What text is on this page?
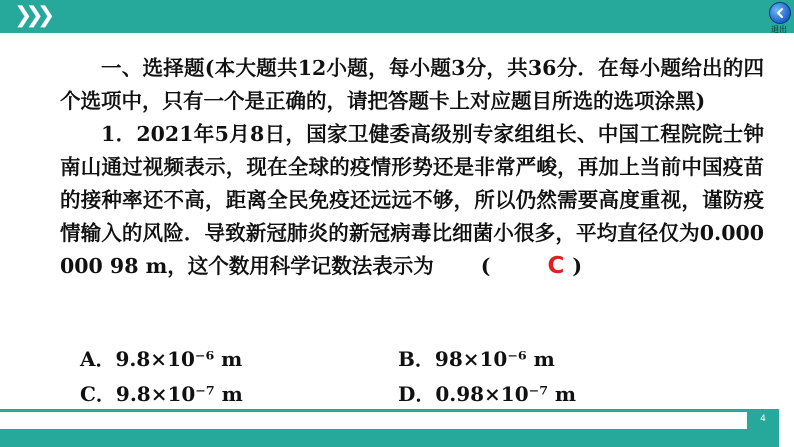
❯❯❯
退出

一、选择题(本大题共12小题，每小题3分，共36分．在每小题给出的四个选项中，只有一个是正确的，请把答题卡上对应题目所选的选项涂黑)

1．2021年5月8日，国家卫健委高级别专家组组长、中国工程院院士钟南山通过视频表示，现在全球的疫情形势还是非常严峻，再加上当前中国疫苗的接种率还不高，距离全民免疫还远远不够，所以仍然需要高度重视，谨防疫情输入的风险．导致新冠肺炎的新冠病毒比细菌小很多，平均直径仅为0.000 000 98 m，这个数用科学记数法表示为 ( C )

A．9.8×10⁻⁶ m	B．98×10⁻⁶ m
C．9.8×10⁻⁷ m	D．0.98×10⁻⁷ m
4
